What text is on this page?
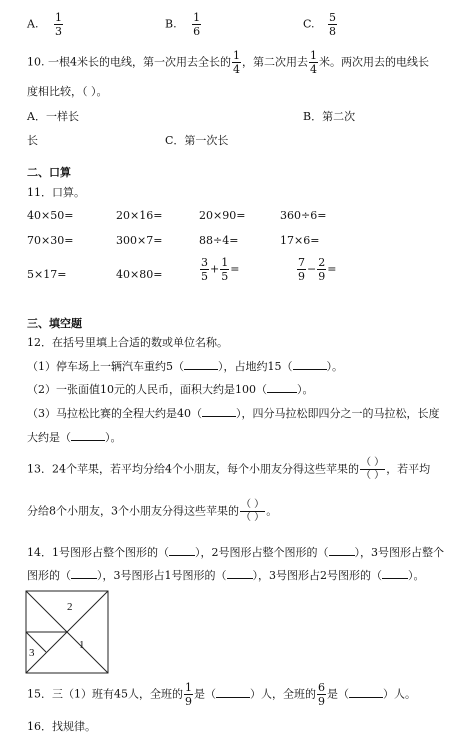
A. $\frac{1}{3}$	B. $\frac{1}{6}$	C. $\frac{5}{8}$
10. 一根4米长的电线，第一次用去全长的 $\frac{1}{4}$ ，第二次用去 $\frac{1}{4}$ 米。两次用去的电线长
度相比较，（ ）。
A．一样长	B．第二次
长	C．第一次长
二、口算
11．口算。
40×50=	20×16=	20×90=	360÷6=
70×30=	300×7=	88÷4=	17×6=
5×17=	40×80=	$\frac{3}{5} + \frac{1}{5}$ =	$\frac{7}{9} - \frac{2}{9}$ =
三、填空题
12．在括号里填上合适的数或单位名称。
（1）停车场上一辆汽车重约5（	），占地约15（	）。
（2）一张面值10元的人民币，面积大约是100（	）。
（3）马拉松比赛的全程大约是40（	），四分马拉松即四分之一的马拉松，长度
大约是（	）。
13．24个苹果，若平均分给4个小朋友，每个小朋友分得这些苹果的 $\frac{( )}{( )}$ ，若平均
分给8个小朋友，3个小朋友分得这些苹果的 $\frac{( )}{( )}$ 。
14．1号图形占整个图形的（ ），2号图形占整个图形的（ ），3号图形占整个
图形的（ ），3号图形占1号图形的（ ），3号图形占2号图形的（ ）。
2
1
3
15．三（1）班有45人，全班的 $\frac{1}{9}$ 是（	）人，全班的 $\frac{6}{9}$ 是（	）人。
16．找规律。
